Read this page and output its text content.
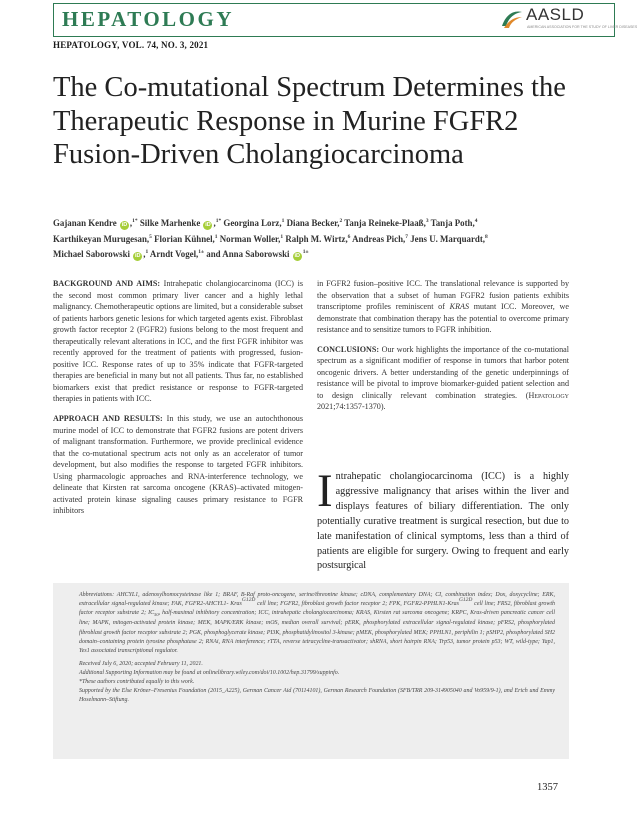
HEPATOLOGY	AASLD
AMERICAN ASSOCIATION FOR THE STUDY OF LIVER DISEASES
HEPATOLOGY, VOL. 74, NO. 3, 2021
The Co-mutational Spectrum Determines the Therapeutic Response in Murine FGFR2 Fusion-Driven Cholangiocarcinoma
Gajanan Kendre iD ,$^{1*}$ Silke Marhenke iD ,$^{1*}$ Georgina Lorz,$^1$ Diana Becker,$^2$ Tanja Reineke-Plaaß,$^3$ Tanja Poth,$^4$
Karthikeyan Murugesan,$^5$ Florian Kühnel,$^1$ Norman Woller,$^1$ Ralph M. Wirtz,$^6$ Andreas Pich,$^7$ Jens U. Marquardt,$^8$
Michael Saborowski iD ,$^1$ Arndt Vogel,$^{1\pm}$ and Anna Saborowski $iD^{1\pm}$

BACKGROUND AND AIMS: Intrahepatic cholangiocarcinoma (ICC) is the second most common primary liver cancer and a highly lethal malignancy. Chemotherapeutic options are limited, but a considerable subset of patients harbors genetic lesions for which targeted agents exist. Fibroblast growth factor receptor 2 (FGFR2) fusions belong to the most frequent and therapeutically relevant alterations in ICC, and the first FGFR inhibitor was recently approved for the treatment of patients with progressed, fusion-positive ICC. Response rates of up to 35% indicate that FGFR-targeted therapies are beneficial in many but not all patients. Thus far, no established biomarkers exist that predict resistance or response to FGFR-targeted therapies in patients with ICC.

APPROACH AND RESULTS: In this study, we use an autochthonous murine model of ICC to demonstrate that FGFR2 fusions are potent drivers of malignant transformation. Furthermore, we provide preclinical evidence that the co-mutational spectrum acts not only as an accelerator of tumor development, but also modifies the response to targeted FGFR inhibitors. Using pharmacologic approaches and RNA-interference technology, we delineate that Kirsten rat sarcoma oncogene (KRAS)–activated mitogen-activated protein kinase signaling causes primary resistance to FGFR inhibitors

in FGFR2 fusion–positive ICC. The translational relevance is supported by the observation that a subset of human FGFR2 fusion patients exhibits transcriptome profiles reminiscent of KRAS mutant ICC. Moreover, we demonstrate that combination therapy has the potential to overcome primary resistance and to sensitize tumors to FGFR inhibition.

CONCLUSIONS: Our work highlights the importance of the co-mutational spectrum as a significant modifier of response in tumors that harbor potent oncogenic drivers. A better understanding of the genetic underpinnings of resistance will be pivotal to improve biomarker-guided patient selection and to design clinically relevant combination strategies. (Hepatology 2021;74:1357-1370).

Intrahepatic cholangiocarcinoma (ICC) is a highly aggressive malignancy that arises within the liver and displays features of biliary differentiation. The only potentially curative treatment is surgical resection, but due to late manifestation of clinical symptoms, less than a third of patients are eligible for surgery. Owing to frequent and early postsurgical

Abbreviations: AHCYL1, adenosylhomocysteinase like 1; BRAF, B-Raf proto-oncogene, serine/threonine kinase; cDNA, complementary DNA; CI, combination index; Dox, doxycycline; ERK, extracellular signal-regulated kinase; FAK, FGFR2-AHCYL1- Kras$^{G12D}$ cell line; FGFR2, fibroblast growth factor receptor 2; FPK, FGFR2-PPHLN1-Kras$^{G12D}$ cell line; FRS2, fibroblast growth factor receptor substrate 2; $IC_{50}$, half-maximal inhibitory concentration; ICC, intrahepatic cholangiocarcinoma; KRAS, Kirsten rat sarcoma oncogene; KRPC, Kras-driven pancreatic cancer cell line; MAPK, mitogen-activated protein kinase; MEK, MAPK/ERK kinase; mOS, median overall survival; pERK, phosphorylated extracellular signal-regulated kinase; pFRS2, phosphorylated fibroblast growth factor receptor substrate 2; PGK, phosphoglycerate kinase; PI3K, phosphatidylinositol 3-kinase; pMEK, phosphorylated MEK; PPHLN1, periphilin 1; pSHP2, phosphorylated SH2 domain–containing protein tyrosine phosphatase 2; RNAi, RNA interference; rTTA, reverse tetracycline-transactivator; shRNA, short hairpin RNA; Trp53, tumor protein p53; WT, wild-type; Yap1, Yes1 associated transcriptional regulator.

Received July 6, 2020; accepted February 11, 2021.

Additional Supporting Information may be found at onlinelibrary.wiley.com/doi/10.1002/hep.31799/suppinfo.

*These authors contributed equally to this work.

Supported by the Else Kröner–Fresenius Foundation (2015_A225), German Cancer Aid (70114101), German Research Foundation (SFB/TRR 209-314905040 and Vo959/9-1), and Erich und Emmy Hoselmann–Stiftung.

1357
